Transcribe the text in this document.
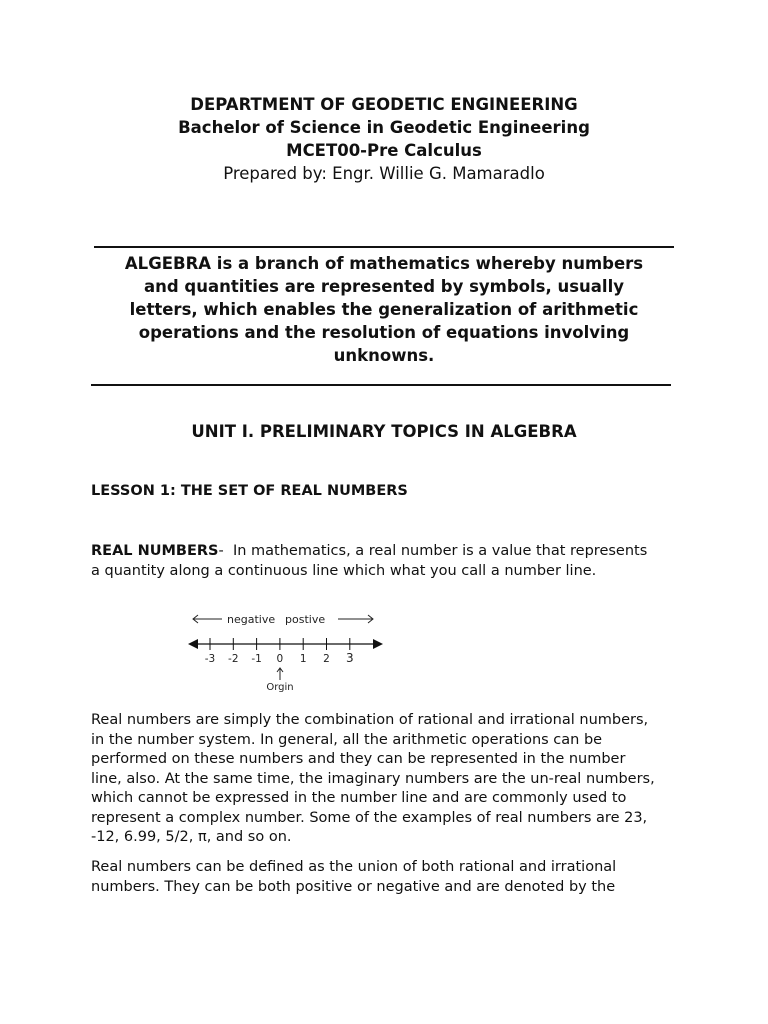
DEPARTMENT OF GEODETIC ENGINEERING
Bachelor of Science in Geodetic Engineering
MCET00-Pre Calculus
Prepared by: Engr. Willie G. Mamaradlo
ALGEBRA is a branch of mathematics whereby numbers
and quantities are represented by symbols, usually
letters, which enables the generalization of arithmetic
operations and the resolution of equations involving
unknowns.
UNIT I. PRELIMINARY TOPICS IN ALGEBRA
LESSON 1: THE SET OF REAL NUMBERS
REAL NUMBERS- In mathematics, a real number is a value that represents
a quantity along a continuous line which what you call a number line.
negative postive
-3 -2 -1 0 1 2 3
Orgin
Real numbers are simply the combination of rational and irrational numbers,
in the number system. In general, all the arithmetic operations can be
performed on these numbers and they can be represented in the number
line, also. At the same time, the imaginary numbers are the un-real numbers,
which cannot be expressed in the number line and are commonly used to
represent a complex number. Some of the examples of real numbers are 23,
-12, 6.99, 5/2, π, and so on.
Real numbers can be defined as the union of both rational and irrational
numbers. They can be both positive or negative and are denoted by the
